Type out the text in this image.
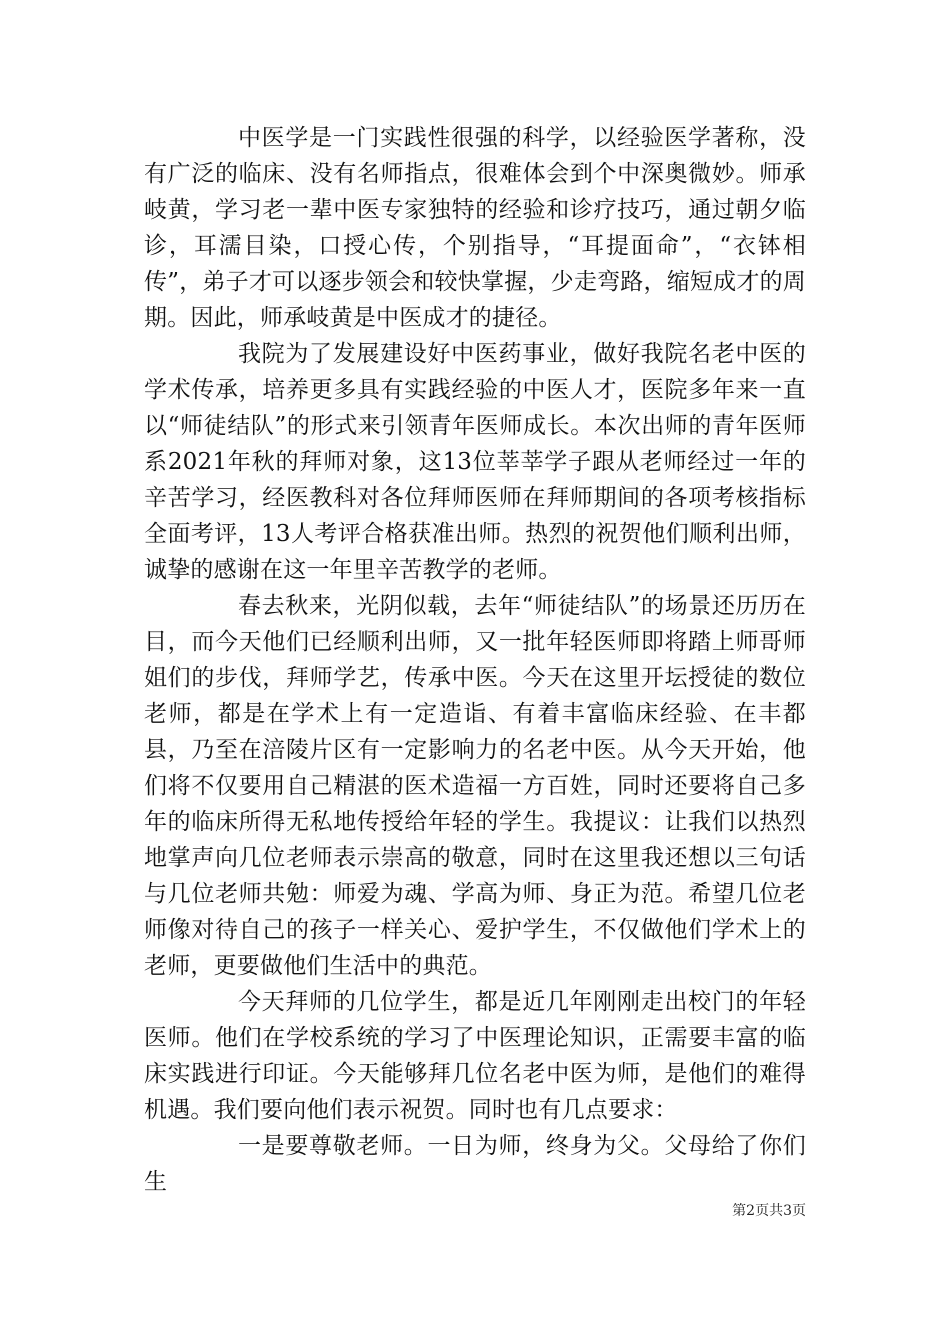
中医学是一门实践性很强的科学，以经验医学著称，没有广泛的临床、没有名师指点，很难体会到个中深奥微妙。师承岐黄，学习老一辈中医专家独特的经验和诊疗技巧，通过朝夕临诊，耳濡目染，口授心传，个别指导，“耳提面命”，“衣钵相传”，弟子才可以逐步领会和较快掌握，少走弯路，缩短成才的周期。因此，师承岐黄是中医成才的捷径。

我院为了发展建设好中医药事业，做好我院名老中医的学术传承，培养更多具有实践经验的中医人才，医院多年来一直以“师徒结队”的形式来引领青年医师成长。本次出师的青年医师系2021年秋的拜师对象，这13位莘莘学子跟从老师经过一年的辛苦学习，经医教科对各位拜师医师在拜师期间的各项考核指标全面考评，13人考评合格获准出师。热烈的祝贺他们顺利出师，诚挚的感谢在这一年里辛苦教学的老师。

春去秋来，光阴似载，去年“师徒结队”的场景还历历在目，而今天他们已经顺利出师，又一批年轻医师即将踏上师哥师姐们的步伐，拜师学艺，传承中医。今天在这里开坛授徒的数位老师，都是在学术上有一定造诣、有着丰富临床经验、在丰都县，乃至在涪陵片区有一定影响力的名老中医。从今天开始，他们将不仅要用自己精湛的医术造福一方百姓，同时还要将自己多年的临床所得无私地传授给年轻的学生。我提议：让我们以热烈地掌声向几位老师表示崇高的敬意，同时在这里我还想以三句话与几位老师共勉：师爱为魂、学高为师、身正为范。希望几位老师像对待自己的孩子一样关心、爱护学生，不仅做他们学术上的老师，更要做他们生活中的典范。

今天拜师的几位学生，都是近几年刚刚走出校门的年轻医师。他们在学校系统的学习了中医理论知识，正需要丰富的临床实践进行印证。今天能够拜几位名老中医为师，是他们的难得机遇。我们要向他们表示祝贺。同时也有几点要求：

一是要尊敬老师。一日为师，终身为父。父母给了你们生

第2页共3页
